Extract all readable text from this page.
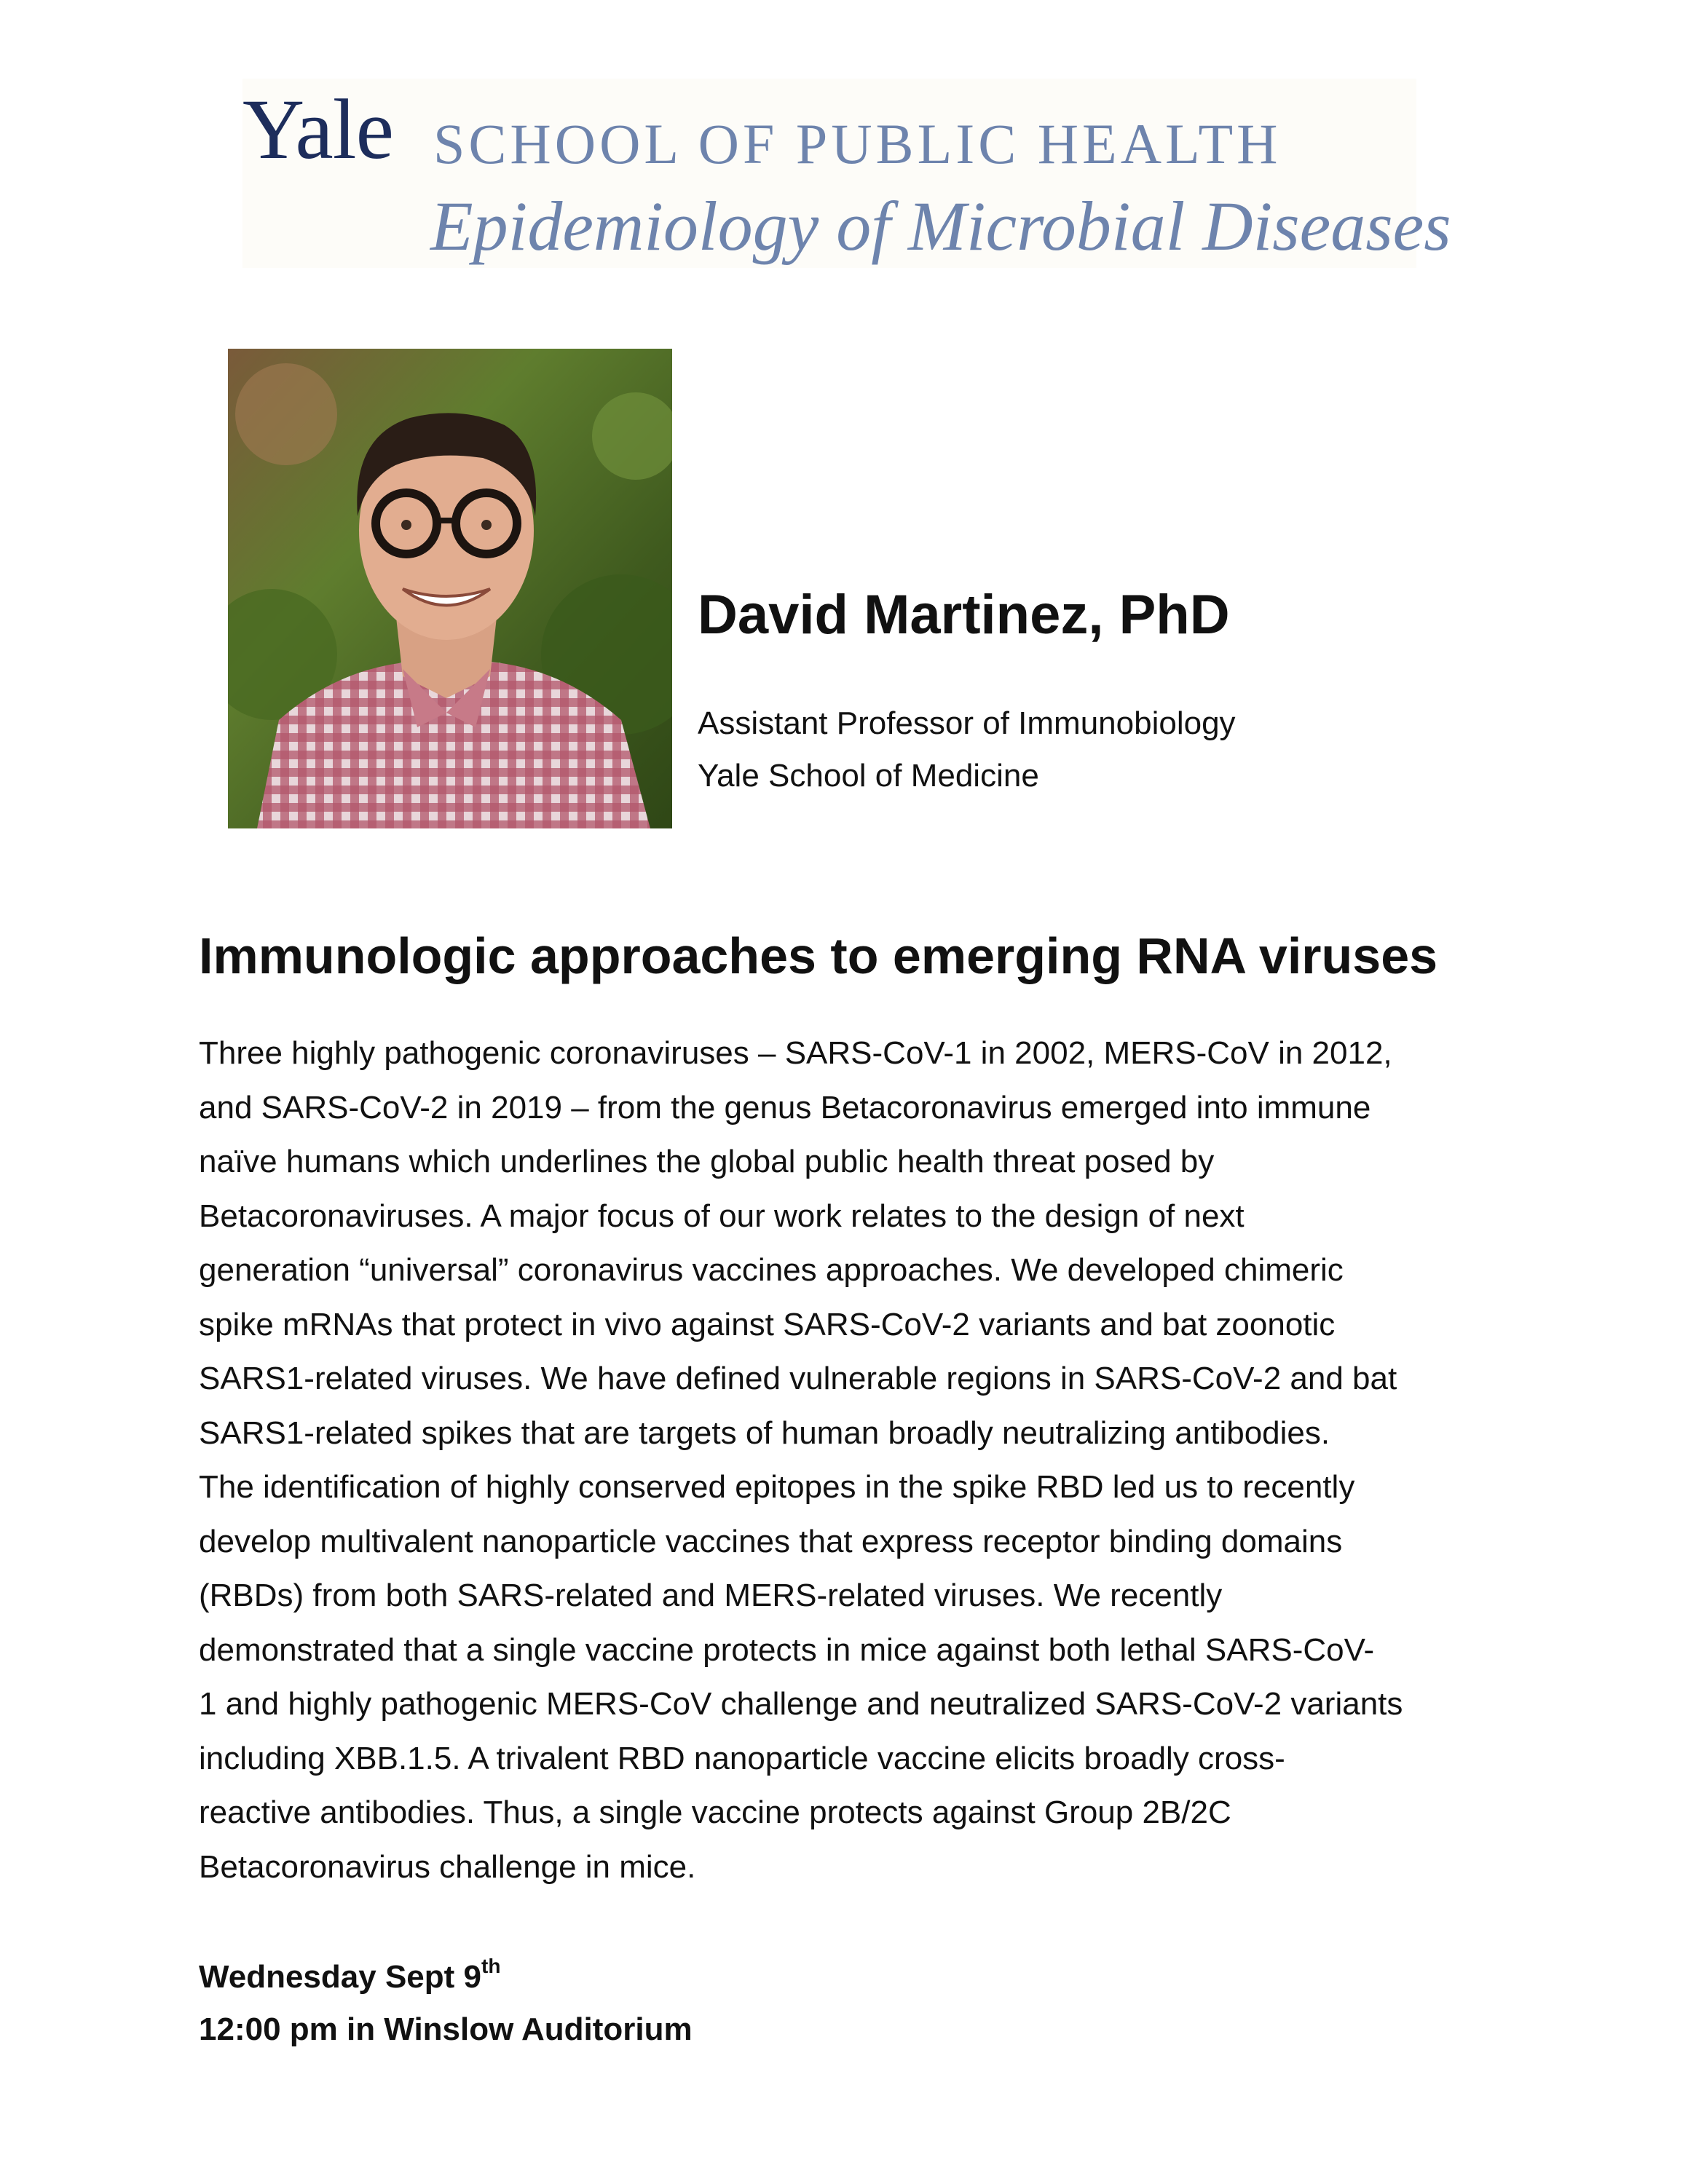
Yale SCHOOL OF PUBLIC HEALTH
Epidemiology of Microbial Diseases
David Martinez, PhD
Assistant Professor of Immunobiology
Yale School of Medicine
Immunologic approaches to emerging RNA viruses
Three highly pathogenic coronaviruses – SARS-CoV-1 in 2002, MERS-CoV in 2012,
and SARS-CoV-2 in 2019 – from the genus Betacoronavirus emerged into immune
naïve humans which underlines the global public health threat posed by
Betacoronaviruses. A major focus of our work relates to the design of next
generation “universal” coronavirus vaccines approaches. We developed chimeric
spike mRNAs that protect in vivo against SARS-CoV-2 variants and bat zoonotic
SARS1-related viruses. We have defined vulnerable regions in SARS-CoV-2 and bat
SARS1-related spikes that are targets of human broadly neutralizing antibodies.
The identification of highly conserved epitopes in the spike RBD led us to recently
develop multivalent nanoparticle vaccines that express receptor binding domains
(RBDs) from both SARS-related and MERS-related viruses. We recently
demonstrated that a single vaccine protects in mice against both lethal SARS-CoV-
1 and highly pathogenic MERS-CoV challenge and neutralized SARS-CoV-2 variants
including XBB.1.5. A trivalent RBD nanoparticle vaccine elicits broadly cross-
reactive antibodies. Thus, a single vaccine protects against Group 2B/2C
Betacoronavirus challenge in mice.
Wednesday Sept 9th
12:00 pm in Winslow Auditorium
